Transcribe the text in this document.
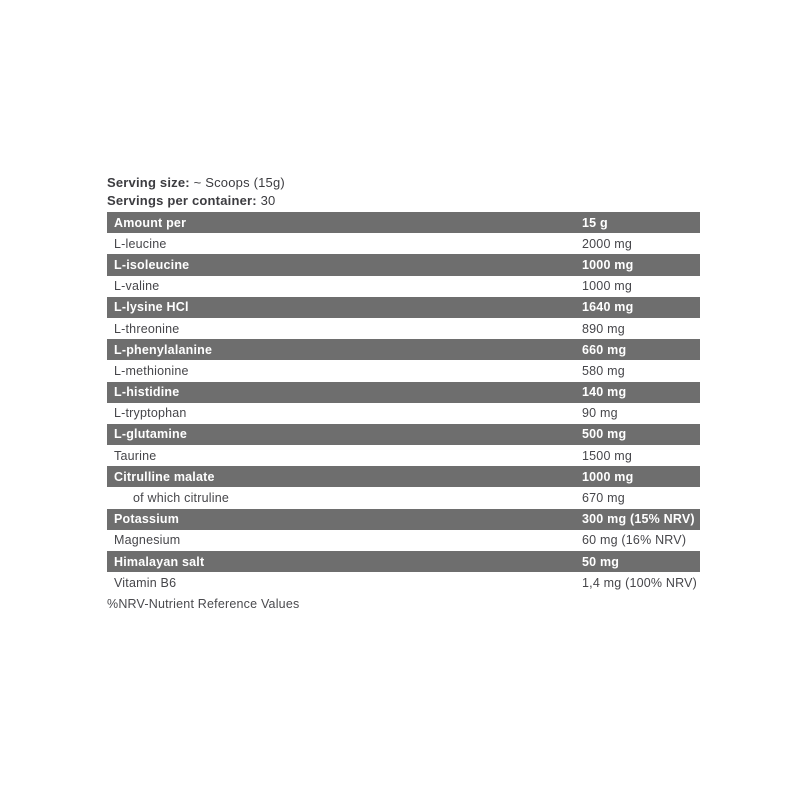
Serving size: ~ Scoops (15g)
Servings per container: 30
Amount per	15 g
L-leucine	2000 mg
L-isoleucine	1000 mg
L-valine	1000 mg
L-lysine HCl	1640 mg
L-threonine	890 mg
L-phenylalanine	660 mg
L-methionine	580 mg
L-histidine	140 mg
L-tryptophan	90 mg
L-glutamine	500 mg
Taurine	1500 mg
Citrulline malate	1000 mg
of which citruline	670 mg
Potassium	300 mg (15% NRV)
Magnesium	60 mg (16% NRV)
Himalayan salt	50 mg
Vitamin B6	1,4 mg (100% NRV)
%NRV-Nutrient Reference Values
